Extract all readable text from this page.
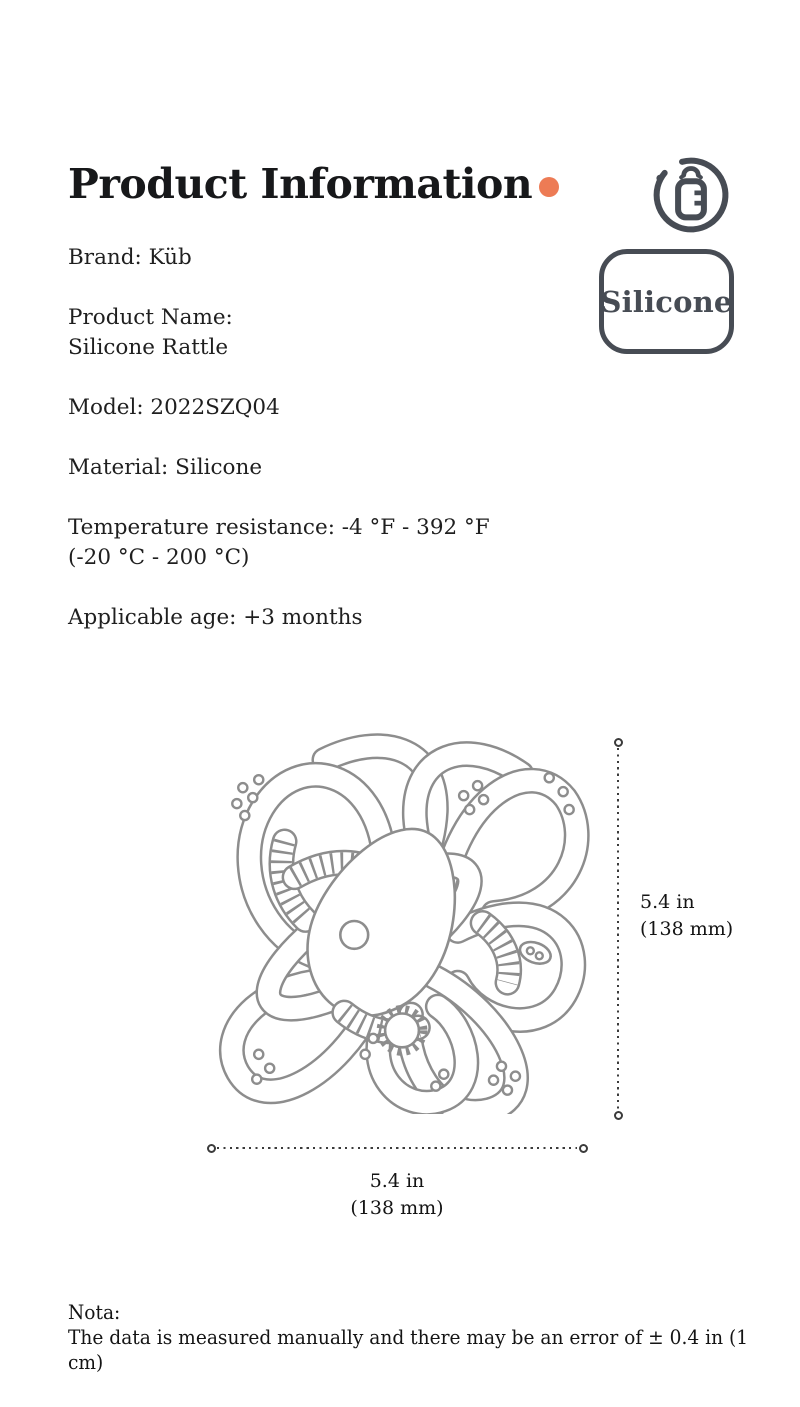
Product Information
Silicone

Brand: Küb

Product Name:
Silicone Rattle

Model: 2022SZQ04

Material: Silicone

Temperature resistance: -4 °F - 392 °F
(-20 °C - 200 °C)

Applicable age: +3 months

5.4 in
(138 mm)
5.4 in
(138 mm)
Nota:
The data is measured manually and there may be an error of ± 0.4 in (1 cm)
